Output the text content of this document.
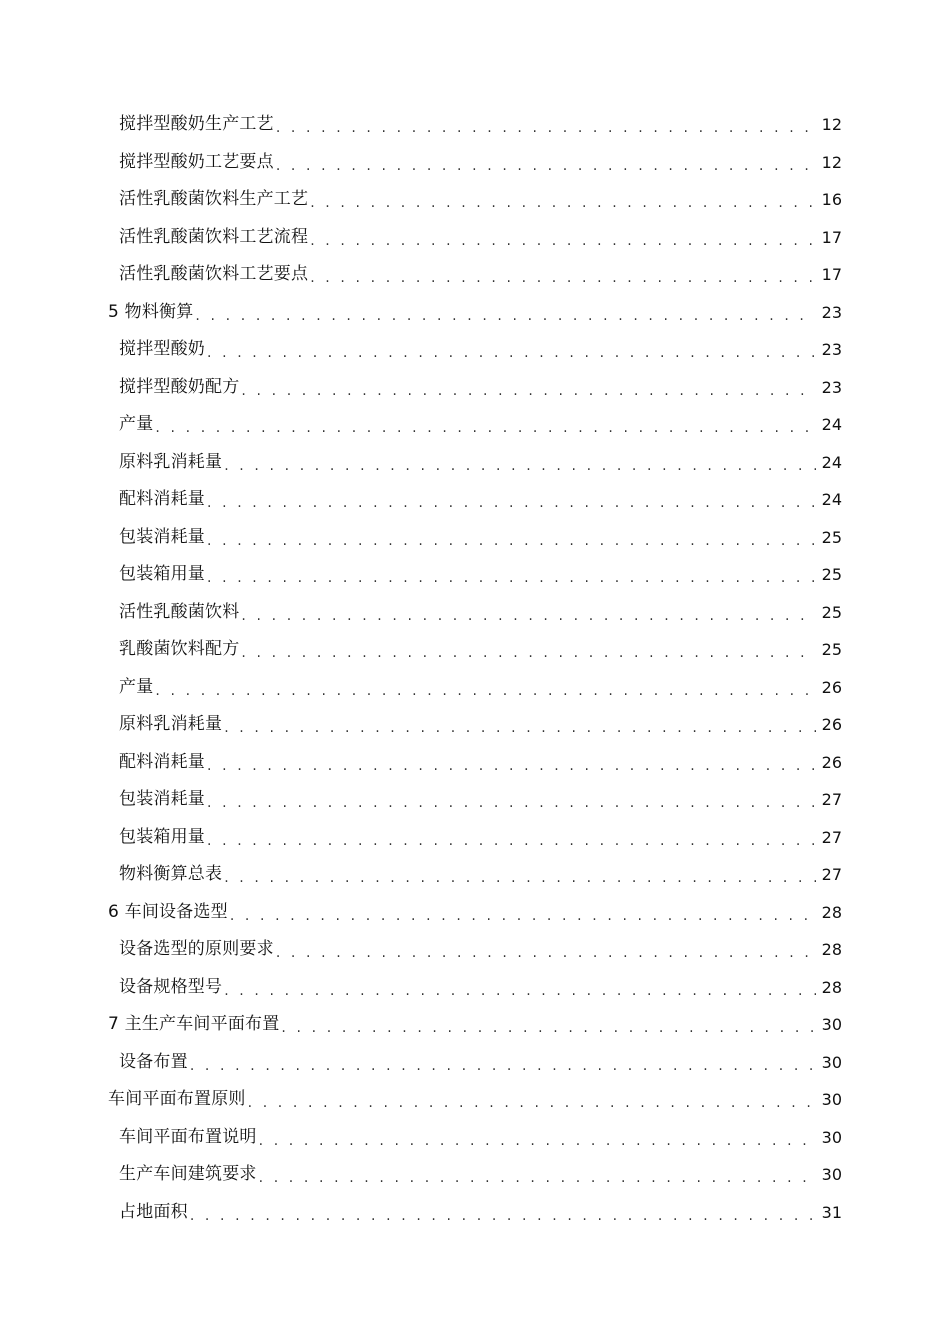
搅拌型酸奶生产工艺 . . .	12
搅拌型酸奶工艺要点 . . .	12
活性乳酸菌饮料生产工艺 . . .	16
活性乳酸菌饮料工艺流程 . . .	17
活性乳酸菌饮料工艺要点 . . .	17
5 物料衡算 . . .	23
搅拌型酸奶 . . .	23
搅拌型酸奶配方 . . .	23
产量 . . .	24
原料乳消耗量 . . .	24
配料消耗量 . . .	24
包装消耗量 . . .	25
包装箱用量 . . .	25
活性乳酸菌饮料 . . .	25
乳酸菌饮料配方 . . .	25
产量 . . .	26
原料乳消耗量 . . .	26
配料消耗量 . . .	26
包装消耗量 . . .	27
包装箱用量 . . .	27
物料衡算总表 . . .	27
6 车间设备选型 . . .	28
设备选型的原则要求 . . .	28
设备规格型号 . . .	28
7 主生产车间平面布置 . . .	30
设备布置 . . .	30
车间平面布置原则 . . .	30
车间平面布置说明 . . .	30
生产车间建筑要求 . . .	30
占地面积 . . .	31
